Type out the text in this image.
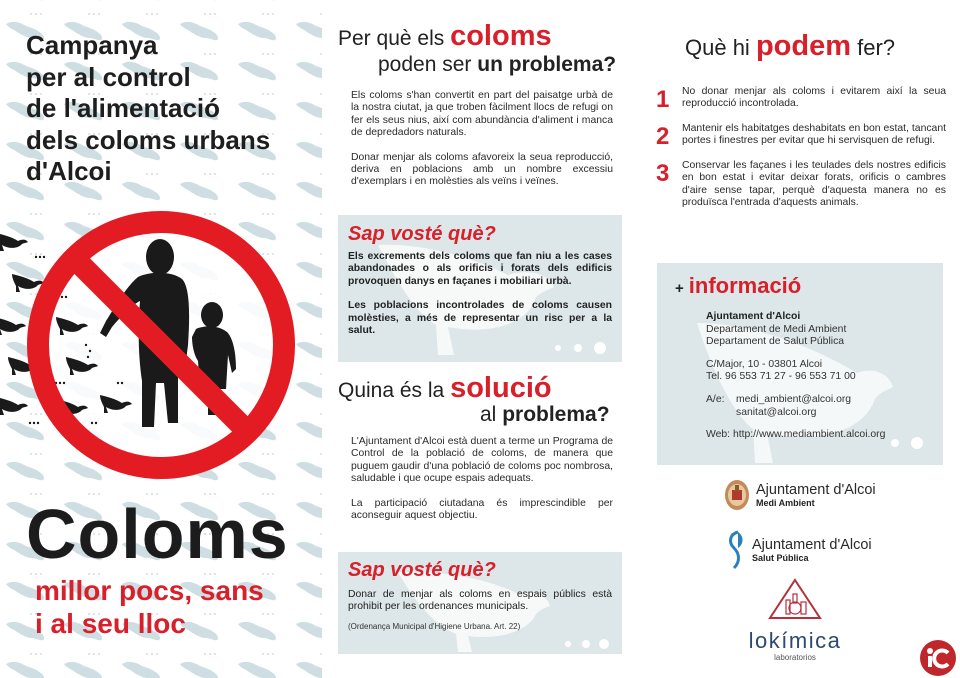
Campanya
per al control
de l'alimentació
dels coloms urbans
d'Alcoi
Coloms
millor pocs, sans
i al seu lloc
Per què els coloms
poden ser un problema?

Els coloms s'han convertit en part del paisatge urbà de la nostra ciutat, ja que troben fàcilment llocs de refugi on fer els seus nius, així com abundància d'aliment i manca de depredadors naturals.

Donar menjar als coloms afavoreix la seua reproducció, deriva en poblacions amb un nombre excessiu d'exemplars i en molèsties als veïns i veïnes.

Sap vosté què?

Els excrements dels coloms que fan niu a les cases abandonades o als orificis i forats dels edificis provoquen danys en façanes i mobiliari urbà.

Les poblacions incontrolades de coloms causen molèsties, a més de representar un risc per a la salut.

Quina és la solució
al problema?

L'Ajuntament d'Alcoi està duent a terme un Programa de Control de la població de coloms, de manera que puguem gaudir d'una població de coloms poc nombrosa, saludable i que ocupe espais adequats.

La participació ciutadana és imprescindible per aconseguir aquest objectiu.

Sap vosté què?
Donar de menjar als coloms en espais públics està prohibit per les ordenances municipals.
(Ordenança Municipal d'Higiene Urbana. Art. 22)
Què hi podem fer?
1	No donar menjar als coloms i evitarem així la seua reproducció incontrolada.
2	Mantenir els habitatges deshabitats en bon estat, tancant portes i finestres per evitar que hi servisquen de refugi.
3	Conservar les façanes i les teulades dels nostres edificis en bon estat i evitar deixar forats, orificis o cambres d'aire sense tapar, perquè d'aquesta manera no es produïsca l'entrada d'aquests animals.
+ informació
Ajuntament d'Alcoi
Departament de Medi Ambient
Departament de Salut Pública
C/Major, 10 - 03801 Alcoi
Tel. 96 553 71 27 - 96 553 71 00
A/e:	medi_ambient@alcoi.org
sanitat@alcoi.org
Web: http://www.mediambient.alcoi.org
Ajuntament d'Alcoi
Medi Ambient
Ajuntament d'Alcoi
Salut Pública
lokímica
laboratorios
